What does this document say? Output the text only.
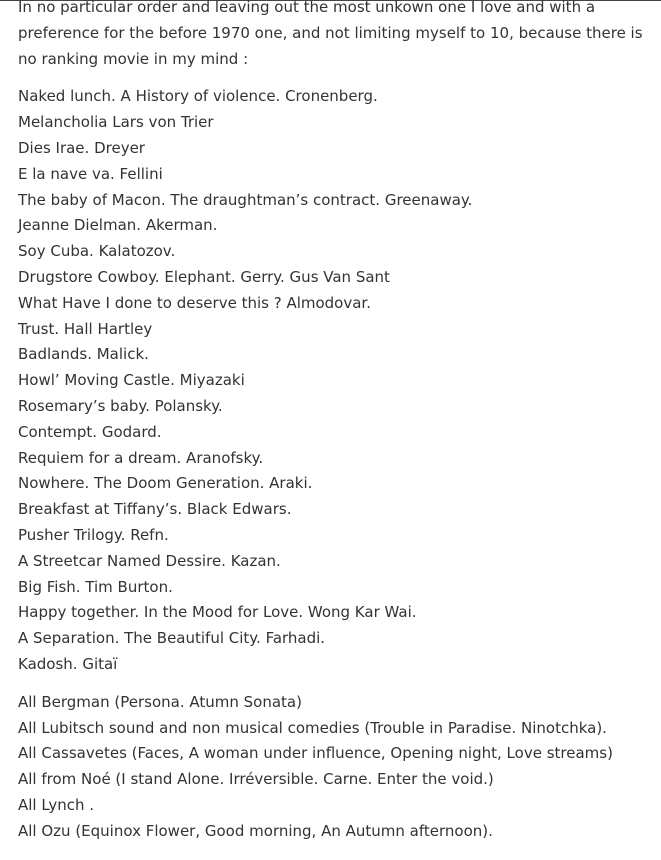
In no particular order and leaving out the most unkown one I love and with a
preference for the before 1970 one, and not limiting myself to 10, because there is
no ranking movie in my mind :

Naked lunch. A History of violence. Cronenberg.
Melancholia Lars von Trier
Dies Irae. Dreyer
E la nave va. Fellini
The baby of Macon. The draughtman’s contract. Greenaway.
Jeanne Dielman. Akerman.
Soy Cuba. Kalatozov.
Drugstore Cowboy. Elephant. Gerry. Gus Van Sant
What Have I done to deserve this ? Almodovar.
Trust. Hall Hartley
Badlands. Malick.
Howl’ Moving Castle. Miyazaki
Rosemary’s baby. Polansky.
Contempt. Godard.
Requiem for a dream. Aranofsky.
Nowhere. The Doom Generation. Araki.
Breakfast at Tiffany’s. Black Edwars.
Pusher Trilogy. Refn.
A Streetcar Named Dessire. Kazan.
Big Fish. Tim Burton.
Happy together. In the Mood for Love. Wong Kar Wai.
A Separation. The Beautiful City. Farhadi.
Kadosh. Gitaï

All Bergman (Persona. Atumn Sonata)
All Lubitsch sound and non musical comedies (Trouble in Paradise. Ninotchka).
All Cassavetes (Faces, A woman under influence, Opening night, Love streams)
All from Noé (I stand Alone. Irréversible. Carne. Enter the void.)
All Lynch .
All Ozu (Equinox Flower, Good morning, An Autumn afternoon).
